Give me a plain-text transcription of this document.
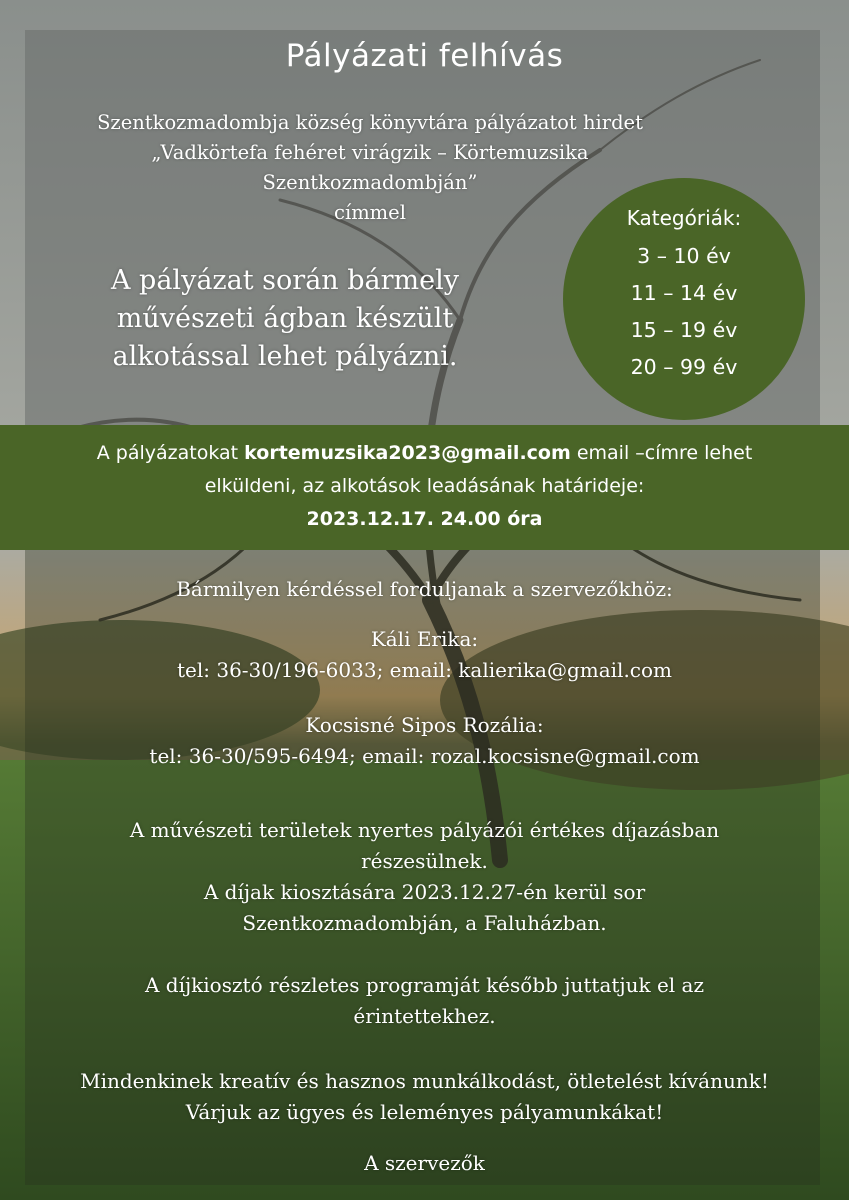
Pályázati felhívás
Szentkozmadombja község könyvtára pályázatot hirdet
„Vadkörtefa fehéret virágzik – Körtemuzsika
Szentkozmadombján”
címmel
A pályázat során bármely
művészeti ágban készült
alkotással lehet pályázni.
Kategóriák:
3 – 10 év
11 – 14 év
15 – 19 év
20 – 99 év
A pályázatokat kortemuzsika2023@gmail.com email –címre lehet
elküldeni, az alkotások leadásának határideje:
2023.12.17. 24.00 óra
Bármilyen kérdéssel forduljanak a szervezőkhöz:
Káli Erika:
tel: 36-30/196-6033; email: kalierika@gmail.com
Kocsisné Sipos Rozália:
tel: 36-30/595-6494; email: rozal.kocsisne@gmail.com
A művészeti területek nyertes pályázói értékes díjazásban
részesülnek.
A díjak kiosztására 2023.12.27-én kerül sor
Szentkozmadombján, a Faluházban.
A díjkiosztó részletes programját később juttatjuk el az
érintettekhez.
Mindenkinek kreatív és hasznos munkálkodást, ötletelést kívánunk!
Várjuk az ügyes és leleményes pályamunkákat!
A szervezők
